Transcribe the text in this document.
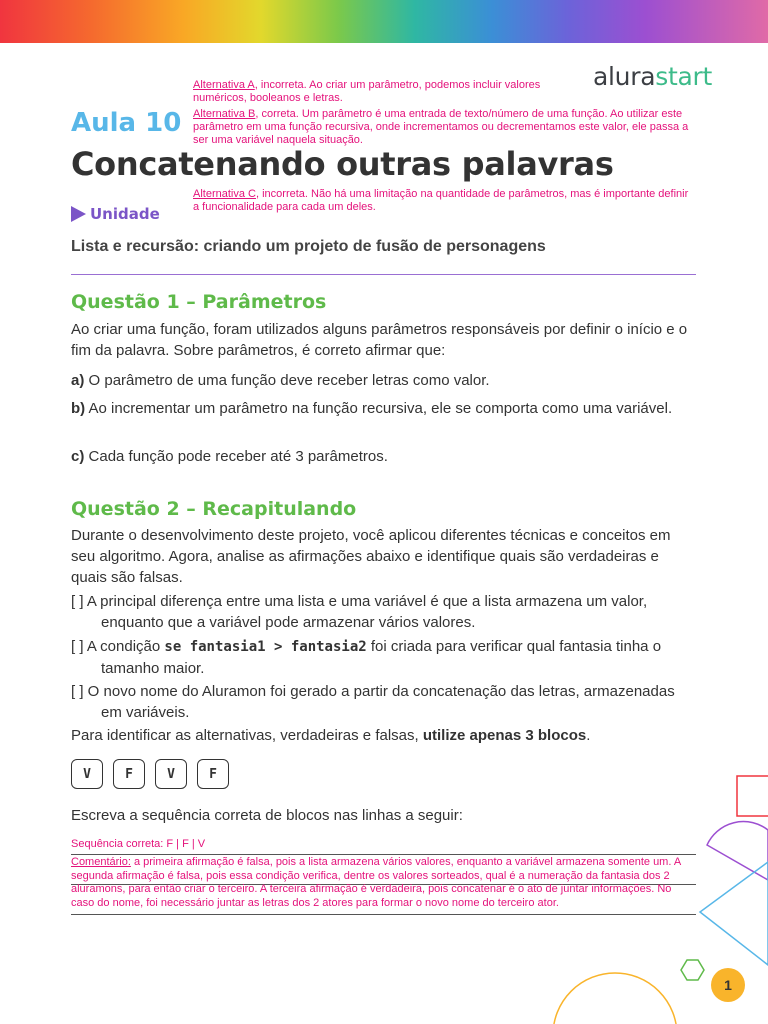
alurastart
Alternativa A, incorreta. Ao criar um parâmetro, podemos incluir valores numéricos, booleanos e letras.
Alternativa B, correta. Um parâmetro é uma entrada de texto/número de uma função. Ao utilizar este parâmetro em uma função recursiva, onde incrementamos ou decrementamos este valor, ele passa a ser uma variável naquela situação.
Aula 10
Concatenando outras palavras
Alternativa C, incorreta. Não há uma limitação na quantidade de parâmetros, mas é importante definir a funcionalidade para cada um deles.
Unidade
Lista e recursão: criando um projeto de fusão de personagens
Questão 1 – Parâmetros
Ao criar uma função, foram utilizados alguns parâmetros responsáveis por definir o início e o fim da palavra. Sobre parâmetros, é correto afirmar que:
a) O parâmetro de uma função deve receber letras como valor.
b) Ao incrementar um parâmetro na função recursiva, ele se comporta como uma variável.
c) Cada função pode receber até 3 parâmetros.
Questão 2 – Recapitulando
Durante o desenvolvimento deste projeto, você aplicou diferentes técnicas e conceitos em seu algoritmo. Agora, analise as afirmações abaixo e identifique quais são verdadeiras e quais são falsas.
[ ] A principal diferença entre uma lista e uma variável é que a lista armazena um valor, enquanto que a variável pode armazenar vários valores.
[ ] A condição se fantasia1 > fantasia2 foi criada para verificar qual fantasia tinha o tamanho maior.
[ ] O novo nome do Aluramon foi gerado a partir da concatenação das letras, armazenadas em variáveis.
Para identificar as alternativas, verdadeiras e falsas, utilize apenas 3 blocos.
V	F	V	F
Escreva a sequência correta de blocos nas linhas a seguir:
Sequência correta: F | F | V
Comentário: a primeira afirmação é falsa, pois a lista armazena vários valores, enquanto a variável armazena somente um. A segunda afirmação é falsa, pois essa condição verifica, dentre os valores sorteados, qual é a numeração da fantasia dos 2 aluramons, para então criar o terceiro. A terceira afirmação é verdadeira, pois concatenar é o ato de juntar informações. No caso do nome, foi necessário juntar as letras dos 2 atores para formar o novo nome do terceiro ator.
1
